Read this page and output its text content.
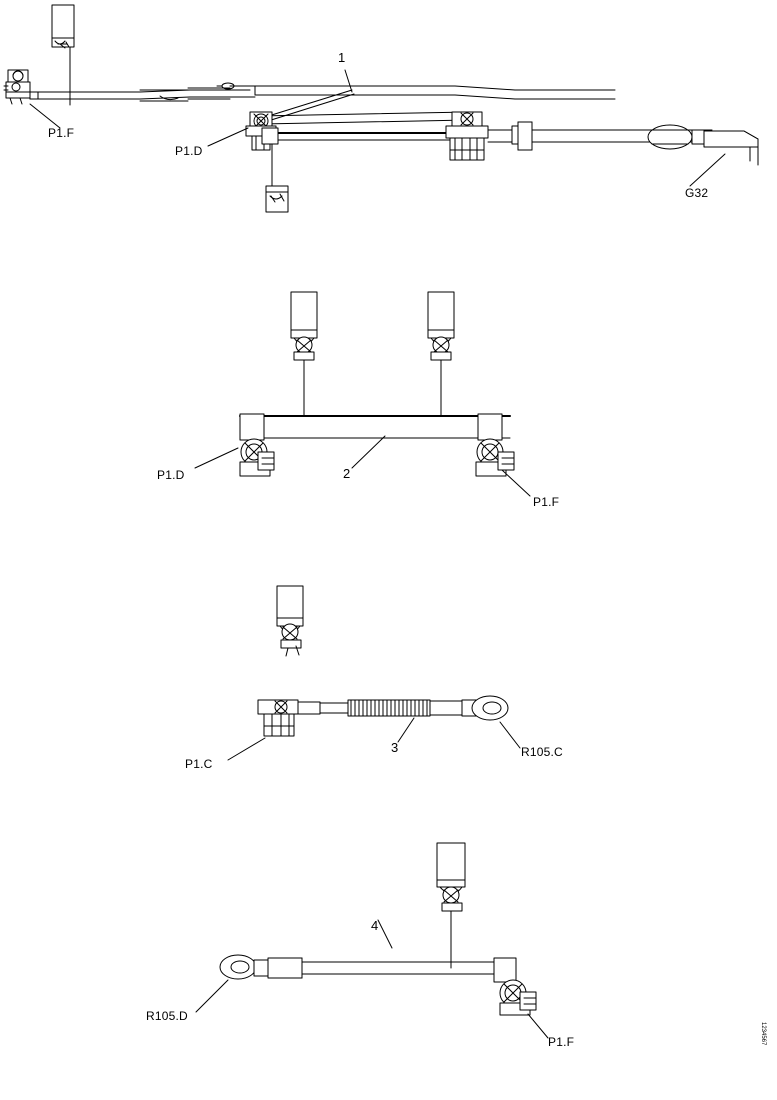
P1.F
P1.D
G32
1
P1.D
P1.F
2
P1.C
R105.C
3
R105.D
P1.F
4
1234567
